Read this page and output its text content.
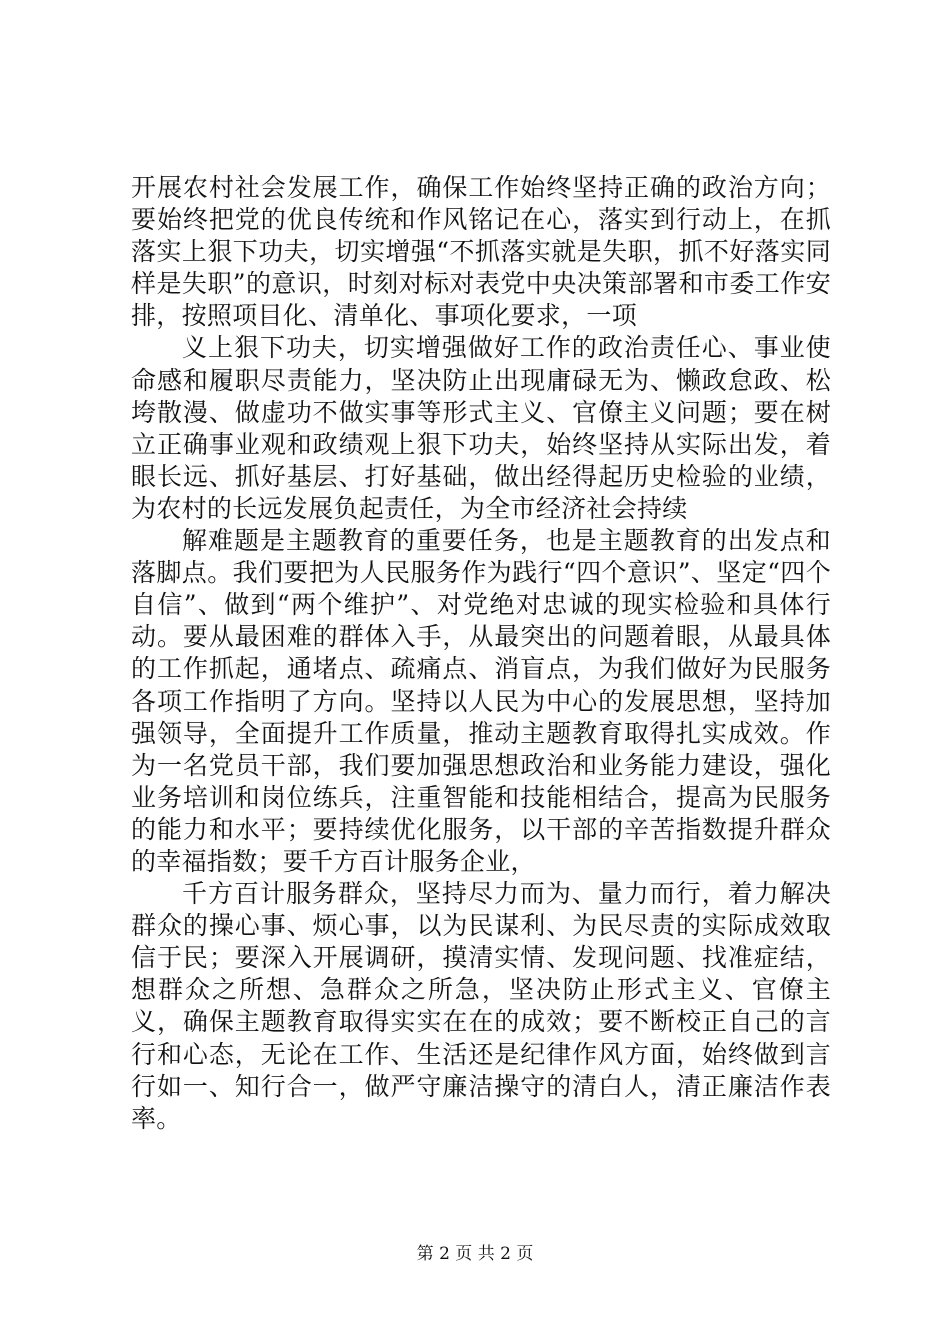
开展农村社会发展工作，确保工作始终坚持正确的政治方向；要始终把党的优良传统和作风铭记在心，落实到行动上，在抓落实上狠下功夫，切实增强“不抓落实就是失职，抓不好落实同样是失职”的意识，时刻对标对表党中央决策部署和市委工作安排，按照项目化、清单化、事项化要求，一项

义上狠下功夫，切实增强做好工作的政治责任心、事业使命感和履职尽责能力，坚决防止出现庸碌无为、懒政怠政、松垮散漫、做虚功不做实事等形式主义、官僚主义问题；要在树立正确事业观和政绩观上狠下功夫，始终坚持从实际出发，着眼长远、抓好基层、打好基础，做出经得起历史检验的业绩，为农村的长远发展负起责任，为全市经济社会持续

解难题是主题教育的重要任务，也是主题教育的出发点和落脚点。我们要把为人民服务作为践行“四个意识”、坚定“四个自信”、做到“两个维护”、对党绝对忠诚的现实检验和具体行动。要从最困难的群体入手，从最突出的问题着眼，从最具体的工作抓起，通堵点、疏痛点、消盲点，为我们做好为民服务各项工作指明了方向。坚持以人民为中心的发展思想，坚持加强领导，全面提升工作质量，推动主题教育取得扎实成效。作为一名党员干部，我们要加强思想政治和业务能力建设，强化业务培训和岗位练兵，注重智能和技能相结合，提高为民服务的能力和水平；要持续优化服务，以干部的辛苦指数提升群众的幸福指数；要千方百计服务企业，

千方百计服务群众，坚持尽力而为、量力而行，着力解决群众的操心事、烦心事，以为民谋利、为民尽责的实际成效取信于民；要深入开展调研，摸清实情、发现问题、找准症结，想群众之所想、急群众之所急，坚决防止形式主义、官僚主义，确保主题教育取得实实在在的成效；要不断校正自己的言行和心态，无论在工作、生活还是纪律作风方面，始终做到言行如一、知行合一，做严守廉洁操守的清白人，清正廉洁作表率。

第 2 页 共 2 页
